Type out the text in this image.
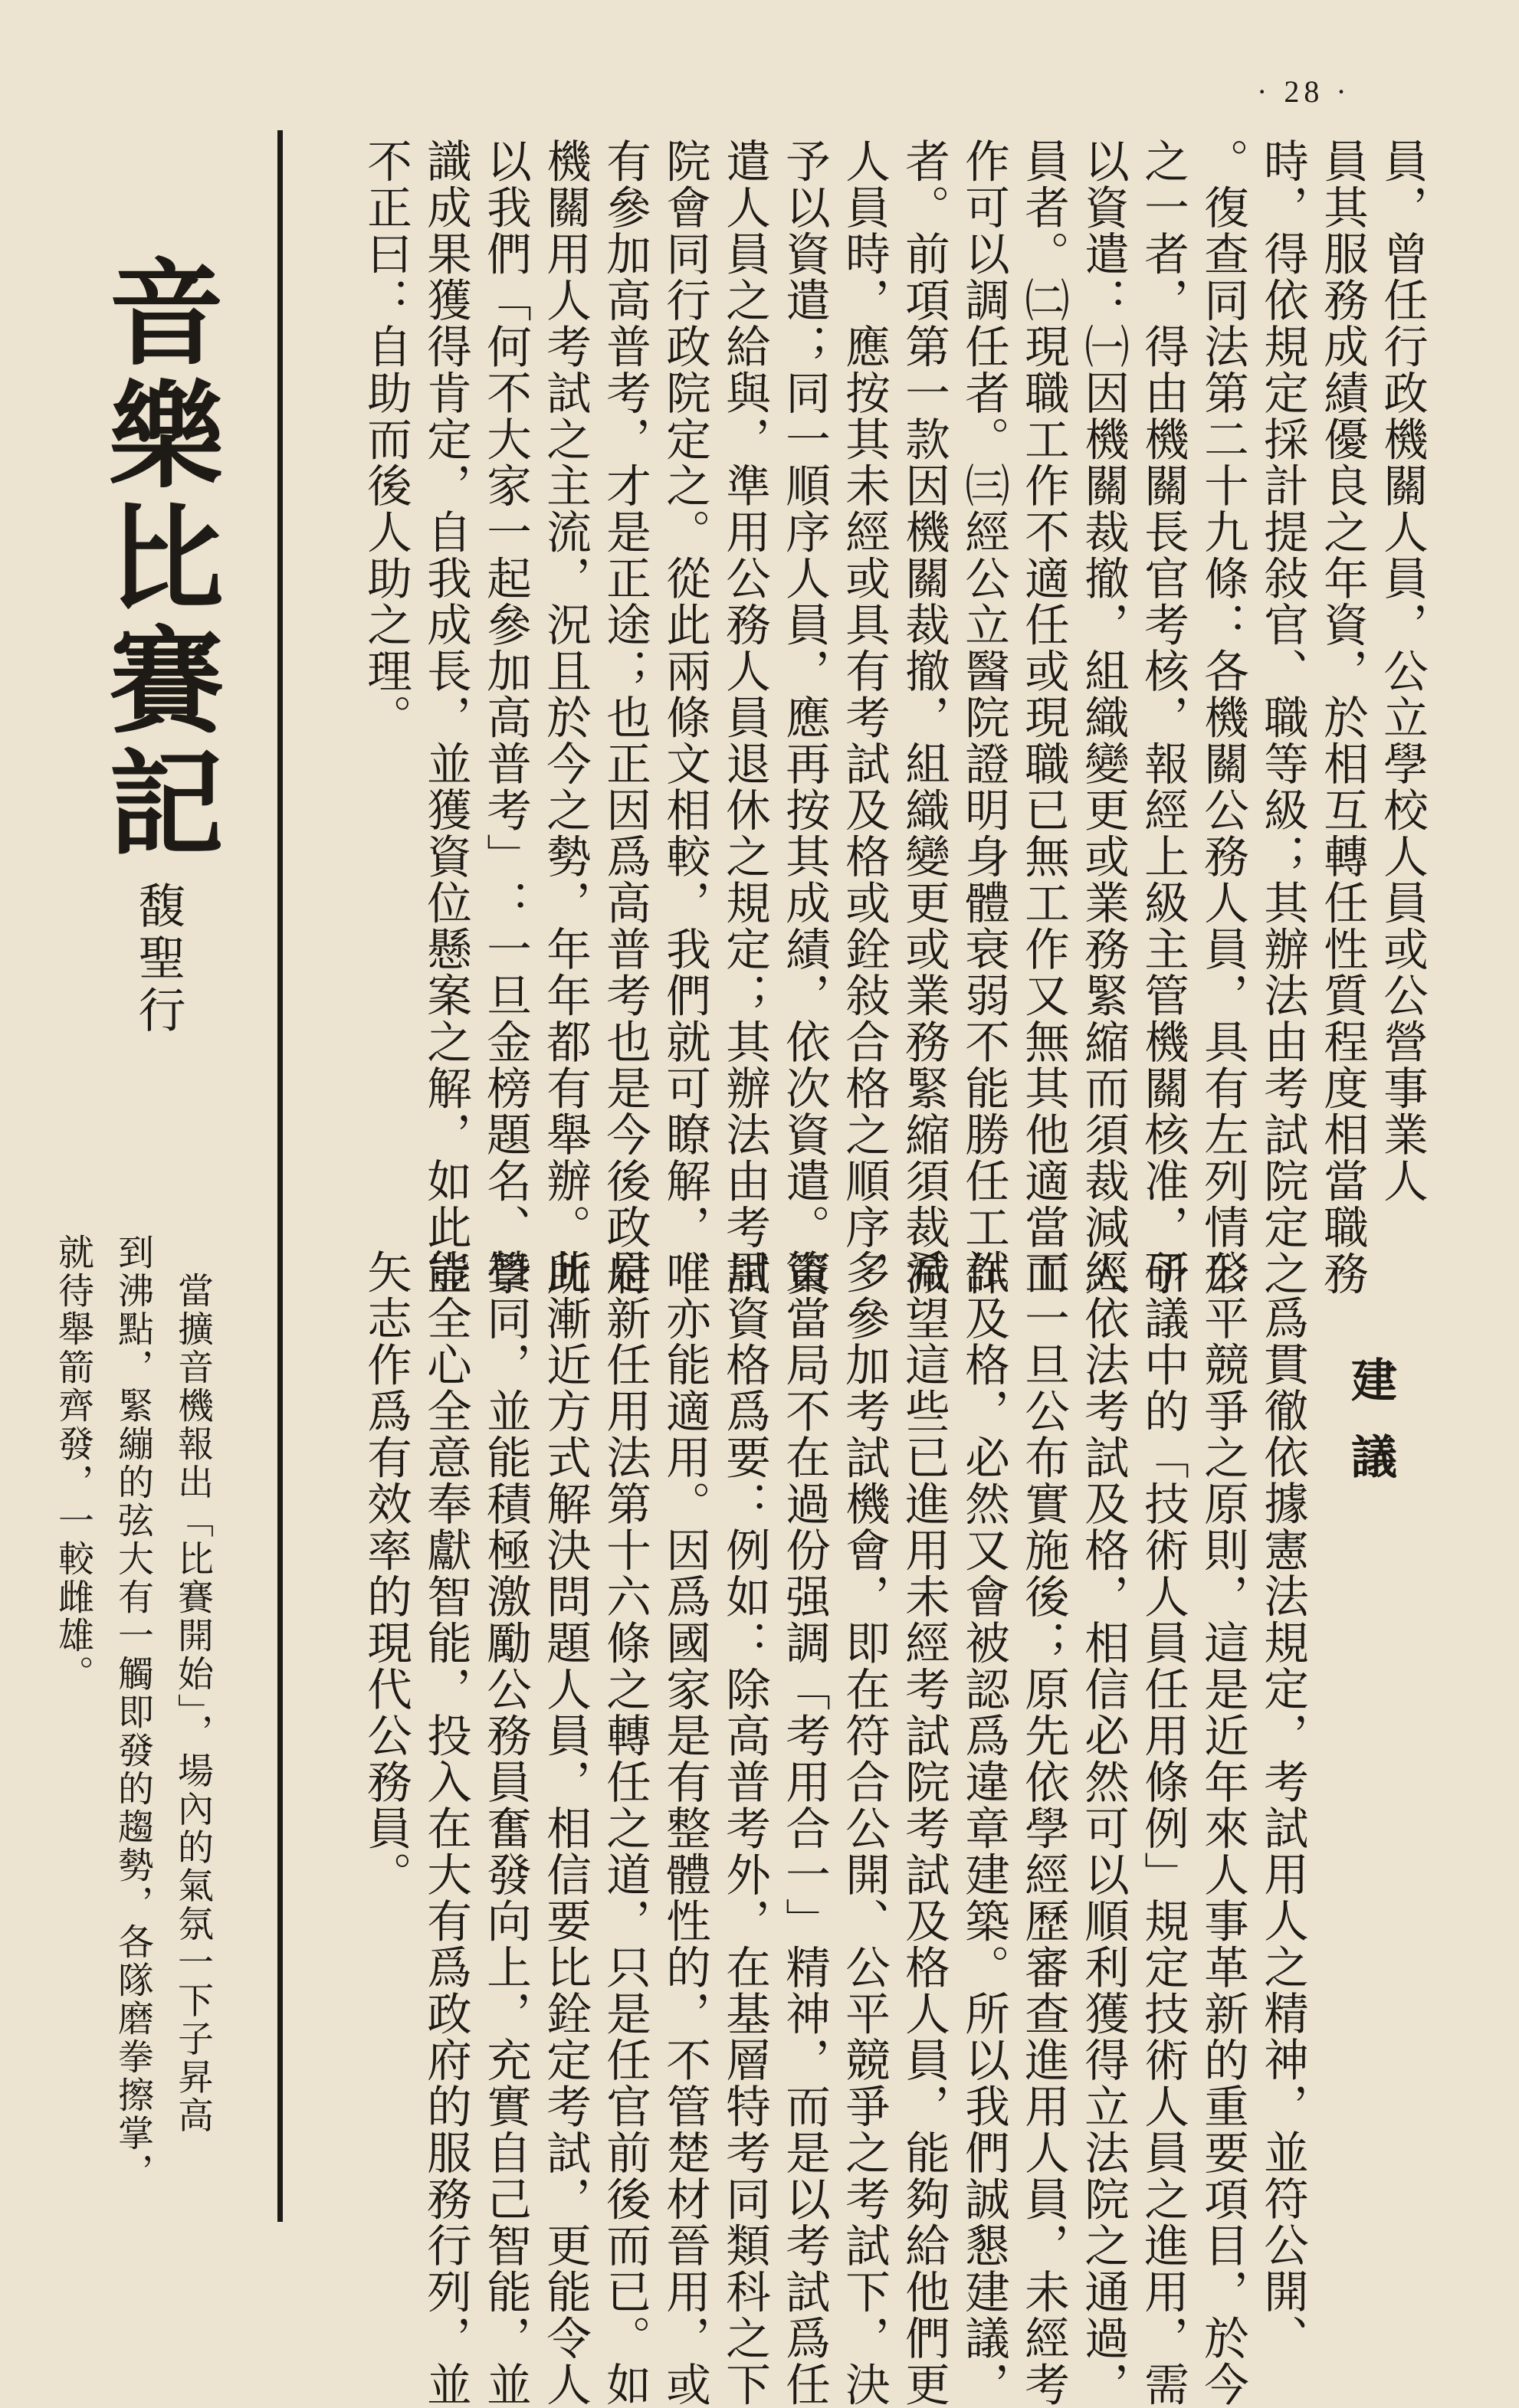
· 28 ·
員，曾任行政機關人員，公立學校人員或公營事業人
員其服務成績優良之年資，於相互轉任性質程度相當職務
時，得依規定採計提敍官、職等級；其辦法由考試院定之
。復查同法第二十九條：各機關公務人員，具有左列情形
之一者，得由機關長官考核，報經上級主管機關核准，予
以資遣：㈠因機關裁撤，組織變更或業務緊縮而須裁減人
員者。㈡現職工作不適任或現職已無工作又無其他適當工
作可以調任者。㈢經公立醫院證明身體衰弱不能勝任工作
者。前項第一款因機關裁撤，組織變更或業務緊縮須裁減
人員時，應按其未經或具有考試及格或銓敍合格之順序，
予以資遣；同一順序人員，應再按其成績，依次資遣。資
遣人員之給與，準用公務人員退休之規定；其辦法由考試
院會同行政院定之。從此兩條文相較，我們就可瞭解，唯
有參加高普考，才是正途；也正因爲高普考也是今後政府
機關用人考試之主流，況且於今之勢，年年都有舉辦。所
以我們「何不大家一起參加高普考」：一旦金榜題名、學
識成果獲得肯定，自我成長，並獲資位懸案之解，如此豈
不正曰：自助而後人助之理。
建議
爲貫徹依據憲法規定，考試用人之精神，並符公開、
公平競爭之原則，這是近年來人事革新的重要項目，於今
研議中的「技術人員任用條例」規定技術人員之進用，需
經依法考試及格，相信必然可以順利獲得立法院之通過，
而一旦公布實施後；原先依學經歷審查進用人員，未經考
試及格，必然又會被認爲違章建築。所以我們誠懇建議，
希望這些已進用未經考試院考試及格人員，能夠給他們更
多參加考試機會，即在符合公開、公平競爭之考試下，決
策當局不在過份强調「考用合一」精神，而是以考試爲任
用資格爲要：例如：除高普考外，在基層特考同類科之下
，亦能適用。因爲國家是有整體性的，不管楚材晉用，或
是新任用法第十六條之轉任之道，只是任官前後而已。如
此漸近方式解決問題人員，相信要比銓定考試，更能令人
贊同，並能積極激勵公務員奮發向上，充實自己智能，並
能全心全意奉獻智能，投入在大有爲政府的服務行列，並
矢志作爲有效率的現代公務員。
音樂比賽記
馥聖行
　當擴音機報出「比賽開始」，場內的氣氛一下子昇高
到沸點，緊繃的弦大有一觸即發的趨勢，各隊磨拳擦掌，
就待舉箭齊發，一較雌雄。
